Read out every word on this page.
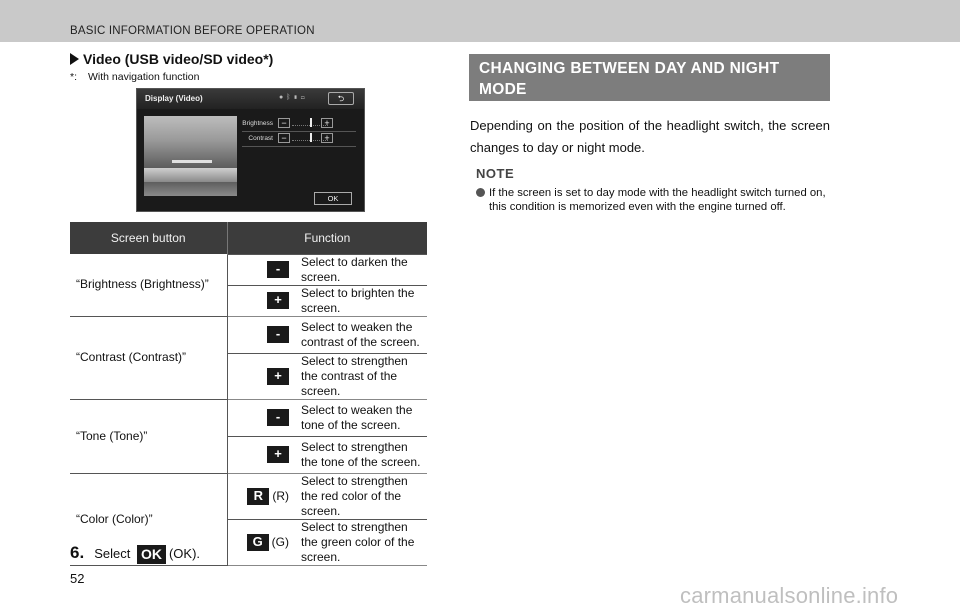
BASIC INFORMATION BEFORE OPERATION
Video (USB video/SD video*)
*: With navigation function
Display (Video)	●ᛒ▮▭	⮌
Brightness −	+
Contrast −	+
OK
Screen button	Function	
“Brightness (Brightness)”	-	Select to darken the screen.
	+	Select to brighten the screen.
“Contrast (Contrast)”	-	Select to weaken the contrast of the screen.
	+	Select to strengthen the contrast of the screen.
“Tone (Tone)”	-	Select to weaken the tone of the screen.
	+	Select to strengthen the tone of the screen.
“Color (Color)”	R (R)	Select to strengthen the red color of the screen.
	G (G)	Select to strengthen the green color of the screen.
6. Select OK (OK).
52
CHANGING BETWEEN DAY AND NIGHT MODE
Depending on the position of the headlight switch, the screen changes to day or night mode.
NOTE
If the screen is set to day mode with the headlight switch turned on, this condition is memorized even with the engine turned off.
carmanualsonline.info
